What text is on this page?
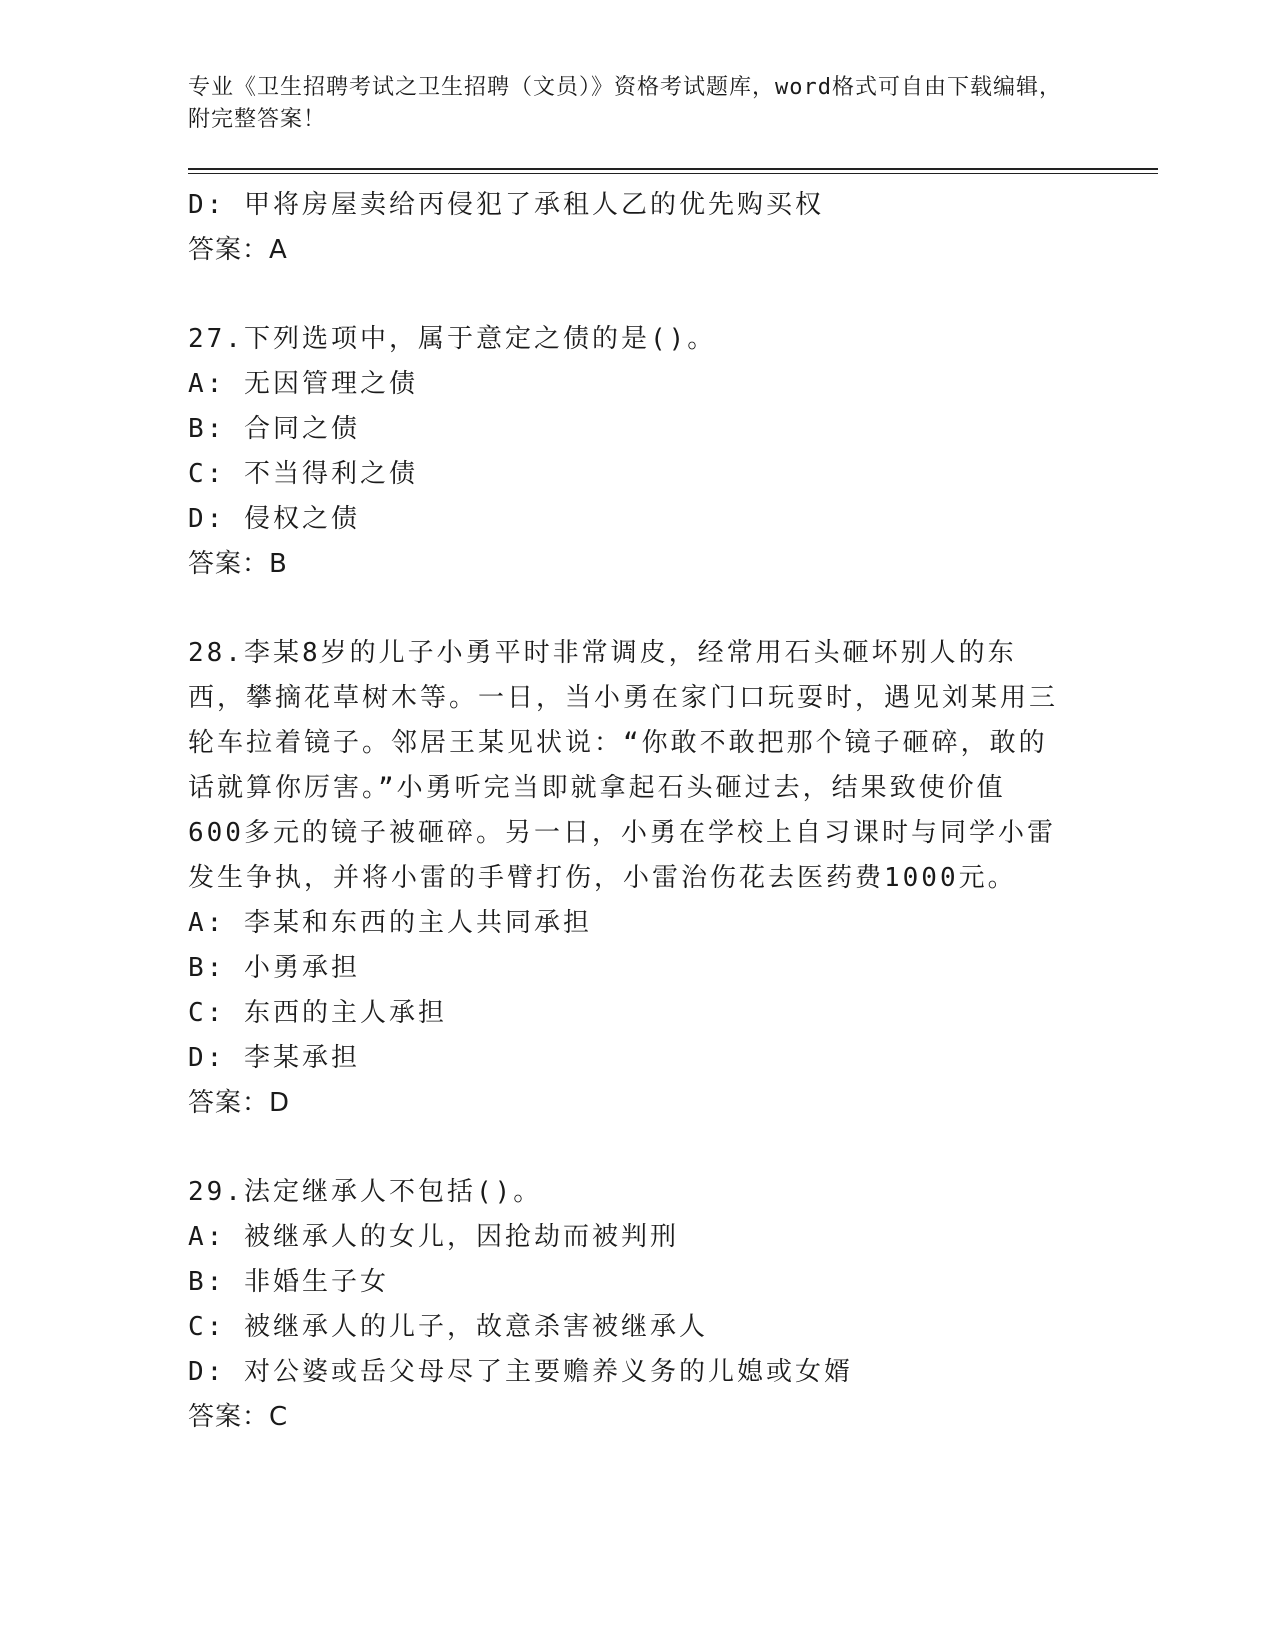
专业《卫生招聘考试之卫生招聘（文员）》资格考试题库，word格式可自由下载编辑，附完整答案！

D: 甲将房屋卖给丙侵犯了承租人乙的优先购买权

答案：A

27.下列选项中，属于意定之债的是()。

A: 无因管理之债

B: 合同之债

C: 不当得利之债

D: 侵权之债

答案：B

28.李某8岁的儿子小勇平时非常调皮，经常用石头砸坏别人的东西，攀摘花草树木等。一日，当小勇在家门口玩耍时，遇见刘某用三轮车拉着镜子。邻居王某见状说：“你敢不敢把那个镜子砸碎，敢的话就算你厉害。”小勇听完当即就拿起石头砸过去，结果致使价值600多元的镜子被砸碎。另一日，小勇在学校上自习课时与同学小雷发生争执，并将小雷的手臂打伤，小雷治伤花去医药费1000元。

A: 李某和东西的主人共同承担

B: 小勇承担

C: 东西的主人承担

D: 李某承担

答案：D

29.法定继承人不包括()。

A: 被继承人的女儿，因抢劫而被判刑

B: 非婚生子女

C: 被继承人的儿子，故意杀害被继承人

D: 对公婆或岳父母尽了主要赡养义务的儿媳或女婿

答案：C
